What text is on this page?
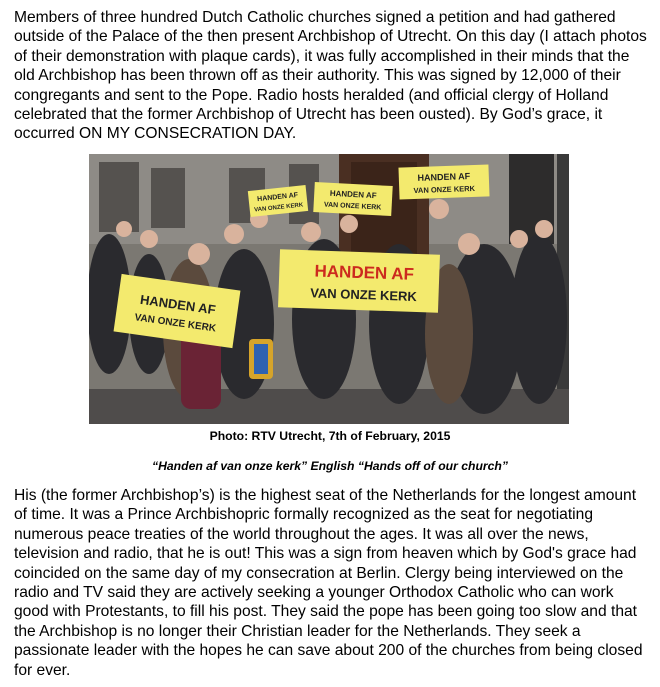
Members of three hundred Dutch Catholic churches signed a petition and had gathered outside of the Palace of the then present Archbishop of Utrecht. On this day (I attach photos of their demonstration with plaque cards), it was fully accomplished in their minds that the old Archbishop has been thrown off as their authority. This was signed by 12,000 of their congregants and sent to the Pope. Radio hosts heralded (and official clergy of Holland celebrated that the former Archbishop of Utrecht has been ousted). By God’s grace, it occurred ON MY CONSECRATION DAY.

HANDEN AF
VAN ONZE KERK
HANDEN AF
VAN ONZE KERK
HANDEN AF
VAN ONZE KERK
HANDEN AF
VAN ONZE KERK
HANDEN AF
VAN ONZE KERK

Photo: RTV Utrecht, 7th of February, 2015

“Handen af van onze kerk” English “Hands off of our church”

His (the former Archbishop’s) is the highest seat of the Netherlands for the longest amount of time. It was a Prince Archbishopric formally recognized as the seat for negotiating numerous peace treaties of the world throughout the ages. It was all over the news, television and radio, that he is out! This was a sign from heaven which by God's grace had coincided on the same day of my consecration at Berlin. Clergy being interviewed on the radio and TV said they are actively seeking a younger Orthodox Catholic who can work good with Protestants, to fill his post. They said the pope has been going too slow and that the Archbishop is no longer their Christian leader for the Netherlands. They seek a passionate leader with the hopes he can save about 200 of the churches from being closed for ever.
